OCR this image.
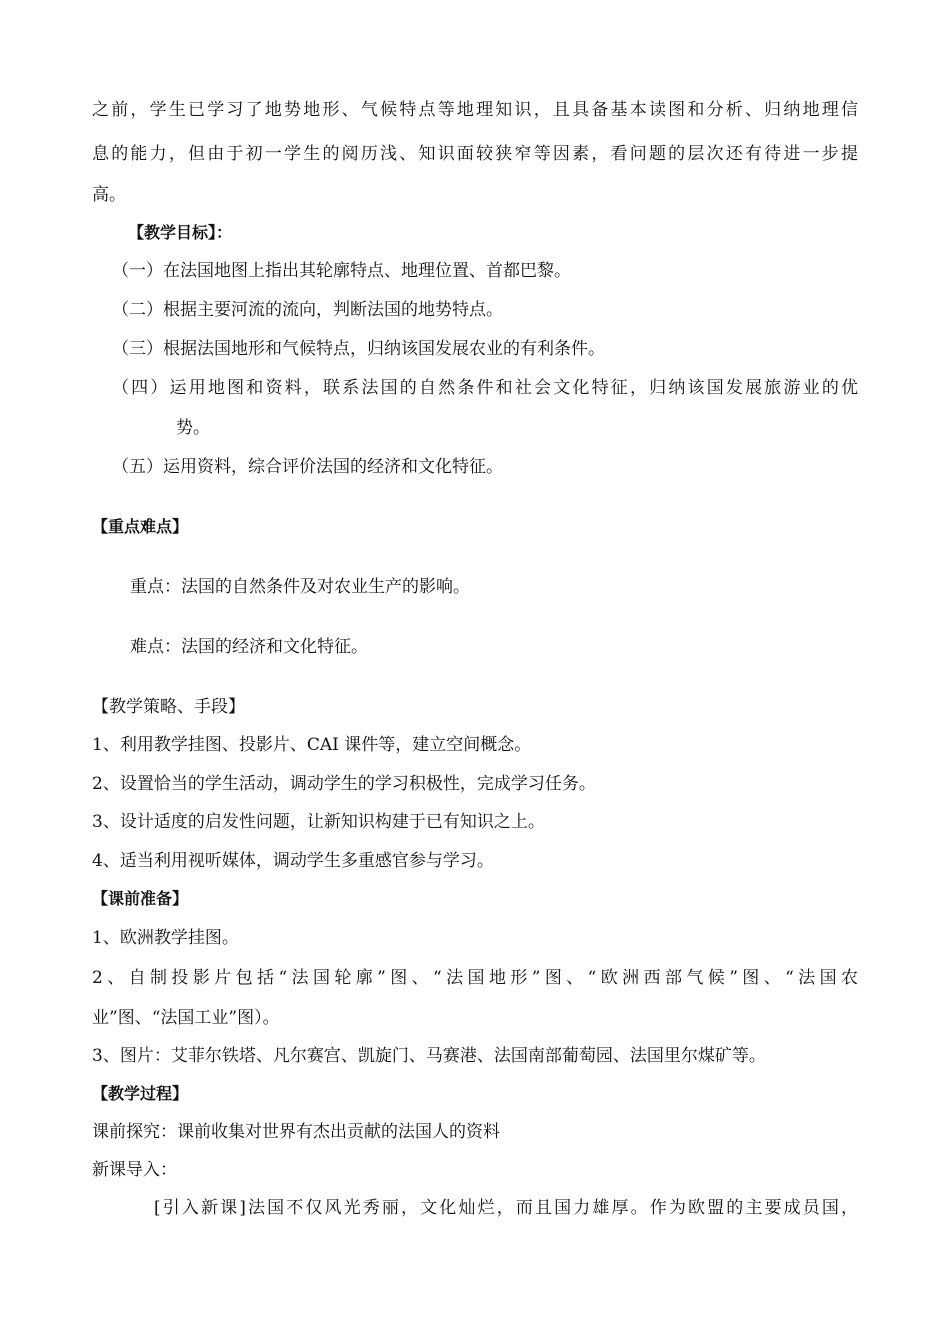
之前，学生已学习了地势地形、气候特点等地理知识，且具备基本读图和分析、归纳地理信
息的能力，但由于初一学生的阅历浅、知识面较狭窄等因素，看问题的层次还有待进一步提
高。
【教学目标】：
（一）在法国地图上指出其轮廓特点、地理位置、首都巴黎。
（二）根据主要河流的流向，判断法国的地势特点。
（三）根据法国地形和气候特点，归纳该国发展农业的有利条件。
（四）运用地图和资料，联系法国的自然条件和社会文化特征，归纳该国发展旅游业的优
势。
（五）运用资料，综合评价法国的经济和文化特征。
【重点难点】
重点：法国的自然条件及对农业生产的影响。
难点：法国的经济和文化特征。
【教学策略、手段】
1、利用教学挂图、投影片、CAI 课件等，建立空间概念。
2、设置恰当的学生活动，调动学生的学习积极性，完成学习任务。
3、设计适度的启发性问题，让新知识构建于已有知识之上。
4、适当利用视听媒体，调动学生多重感官参与学习。
【课前准备】
1、欧洲教学挂图。
2、自制投影片包括“法国轮廓”图、“法国地形”图、“欧洲西部气候”图、“法国农
业”图、“法国工业”图）。
3、图片：艾菲尔铁塔、凡尔赛宫、凯旋门、马赛港、法国南部葡萄园、法国里尔煤矿等。
【教学过程】
课前探究：课前收集对世界有杰出贡献的法国人的资料
新课导入：
[引入新课]法国不仅风光秀丽，文化灿烂，而且国力雄厚。作为欧盟的主要成员国，
